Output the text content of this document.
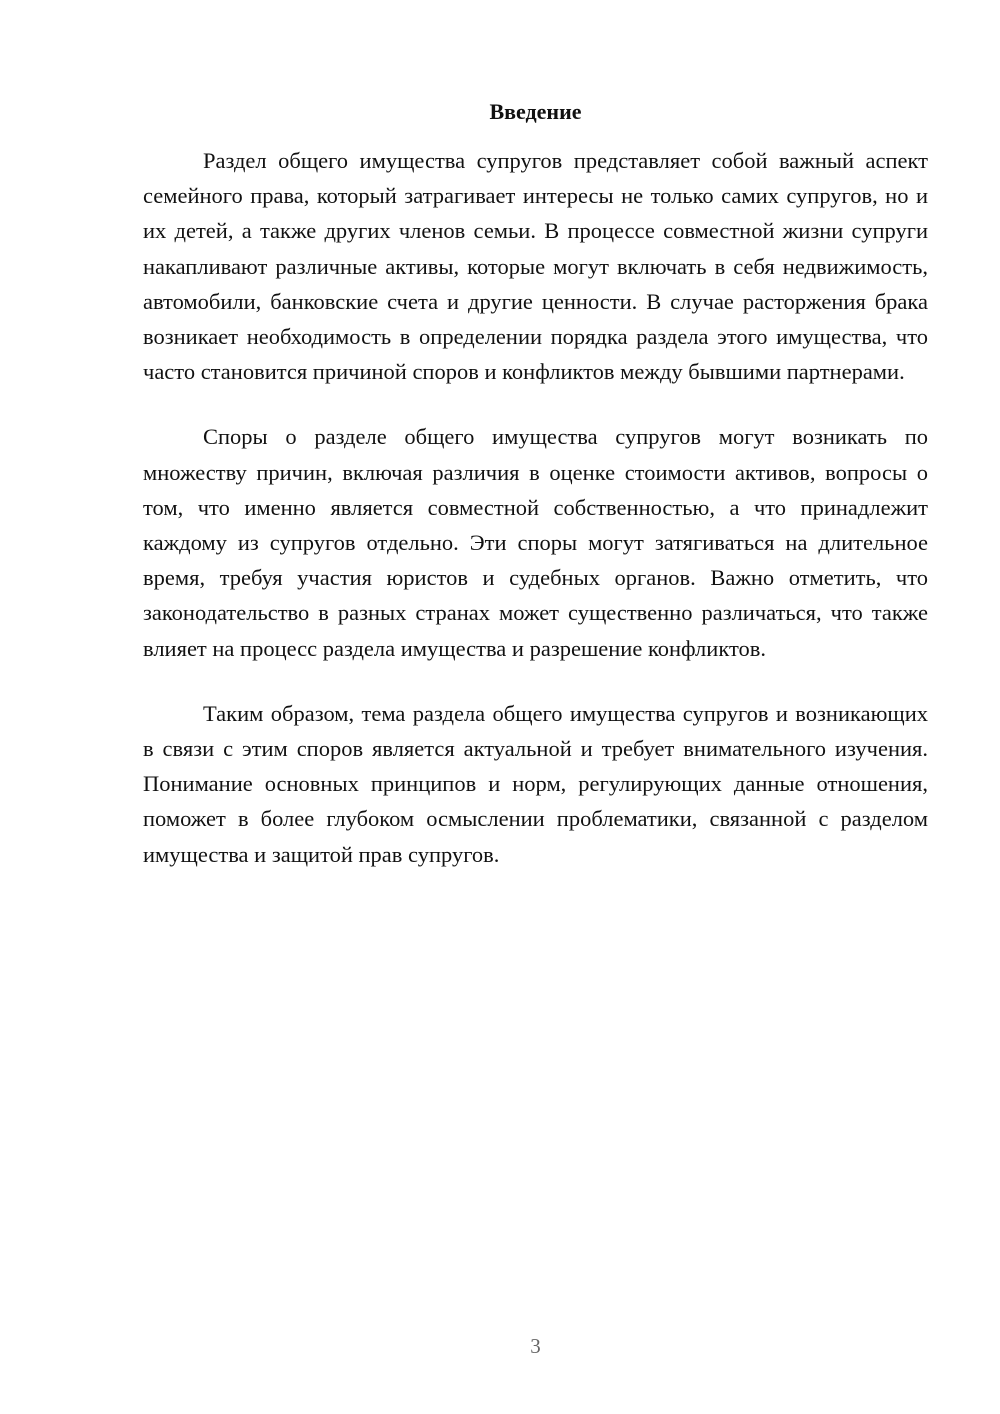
Введение

Раздел общего имущества супругов представляет собой важный аспект семейного права, который затрагивает интересы не только самих супругов, но и их детей, а также других членов семьи. В процессе совместной жизни супруги накапливают различные активы, которые могут включать в себя недвижимость, автомобили, банковские счета и другие ценности. В случае расторжения брака возникает необходимость в определении порядка раздела этого имущества, что часто становится причиной споров и конфликтов между бывшими партнерами.

Споры о разделе общего имущества супругов могут возникать по множеству причин, включая различия в оценке стоимости активов, вопросы о том, что именно является совместной собственностью, а что принадлежит каждому из супругов отдельно. Эти споры могут затягиваться на длительное время, требуя участия юристов и судебных органов. Важно отметить, что законодательство в разных странах может существенно различаться, что также влияет на процесс раздела имущества и разрешение конфликтов.

Таким образом, тема раздела общего имущества супругов и возникающих в связи с этим споров является актуальной и требует внимательного изучения. Понимание основных принципов и норм, регулирующих данные отношения, поможет в более глубоком осмыслении проблематики, связанной с разделом имущества и защитой прав супругов.

3
